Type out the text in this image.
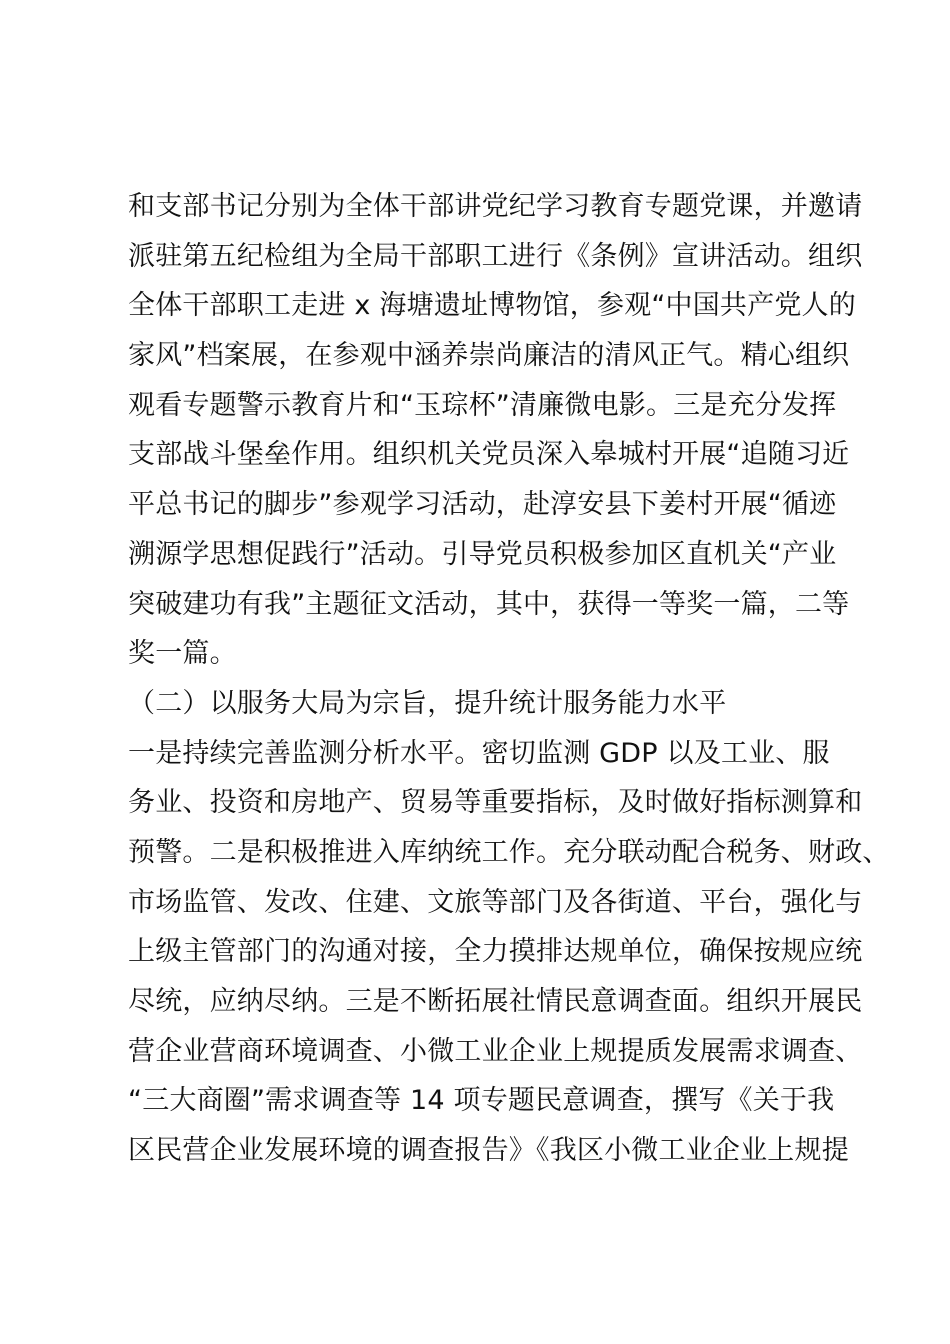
和支部书记分别为全体干部讲党纪学习教育专题党课，并邀请
派驻第五纪检组为全局干部职工进行《条例》宣讲活动。组织
全体干部职工走进 x 海塘遗址博物馆，参观“中国共产党人的
家风”档案展，在参观中涵养崇尚廉洁的清风正气。精心组织
观看专题警示教育片和“玉琮杯”清廉微电影。三是充分发挥
支部战斗堡垒作用。组织机关党员深入皋城村开展“追随习近
平总书记的脚步”参观学习活动，赴淳安县下姜村开展“循迹
溯源学思想促践行”活动。引导党员积极参加区直机关“产业
突破建功有我”主题征文活动，其中，获得一等奖一篇，二等
奖一篇。
（二）以服务大局为宗旨，提升统计服务能力水平
一是持续完善监测分析水平。密切监测 GDP 以及工业、服
务业、投资和房地产、贸易等重要指标，及时做好指标测算和
预警。二是积极推进入库纳统工作。充分联动配合税务、财政、
市场监管、发改、住建、文旅等部门及各街道、平台，强化与
上级主管部门的沟通对接，全力摸排达规单位，确保按规应统
尽统，应纳尽纳。三是不断拓展社情民意调查面。组织开展民
营企业营商环境调查、小微工业企业上规提质发展需求调查、
“三大商圈”需求调查等 14 项专题民意调查，撰写《关于我
区民营企业发展环境的调查报告》《我区小微工业企业上规提
